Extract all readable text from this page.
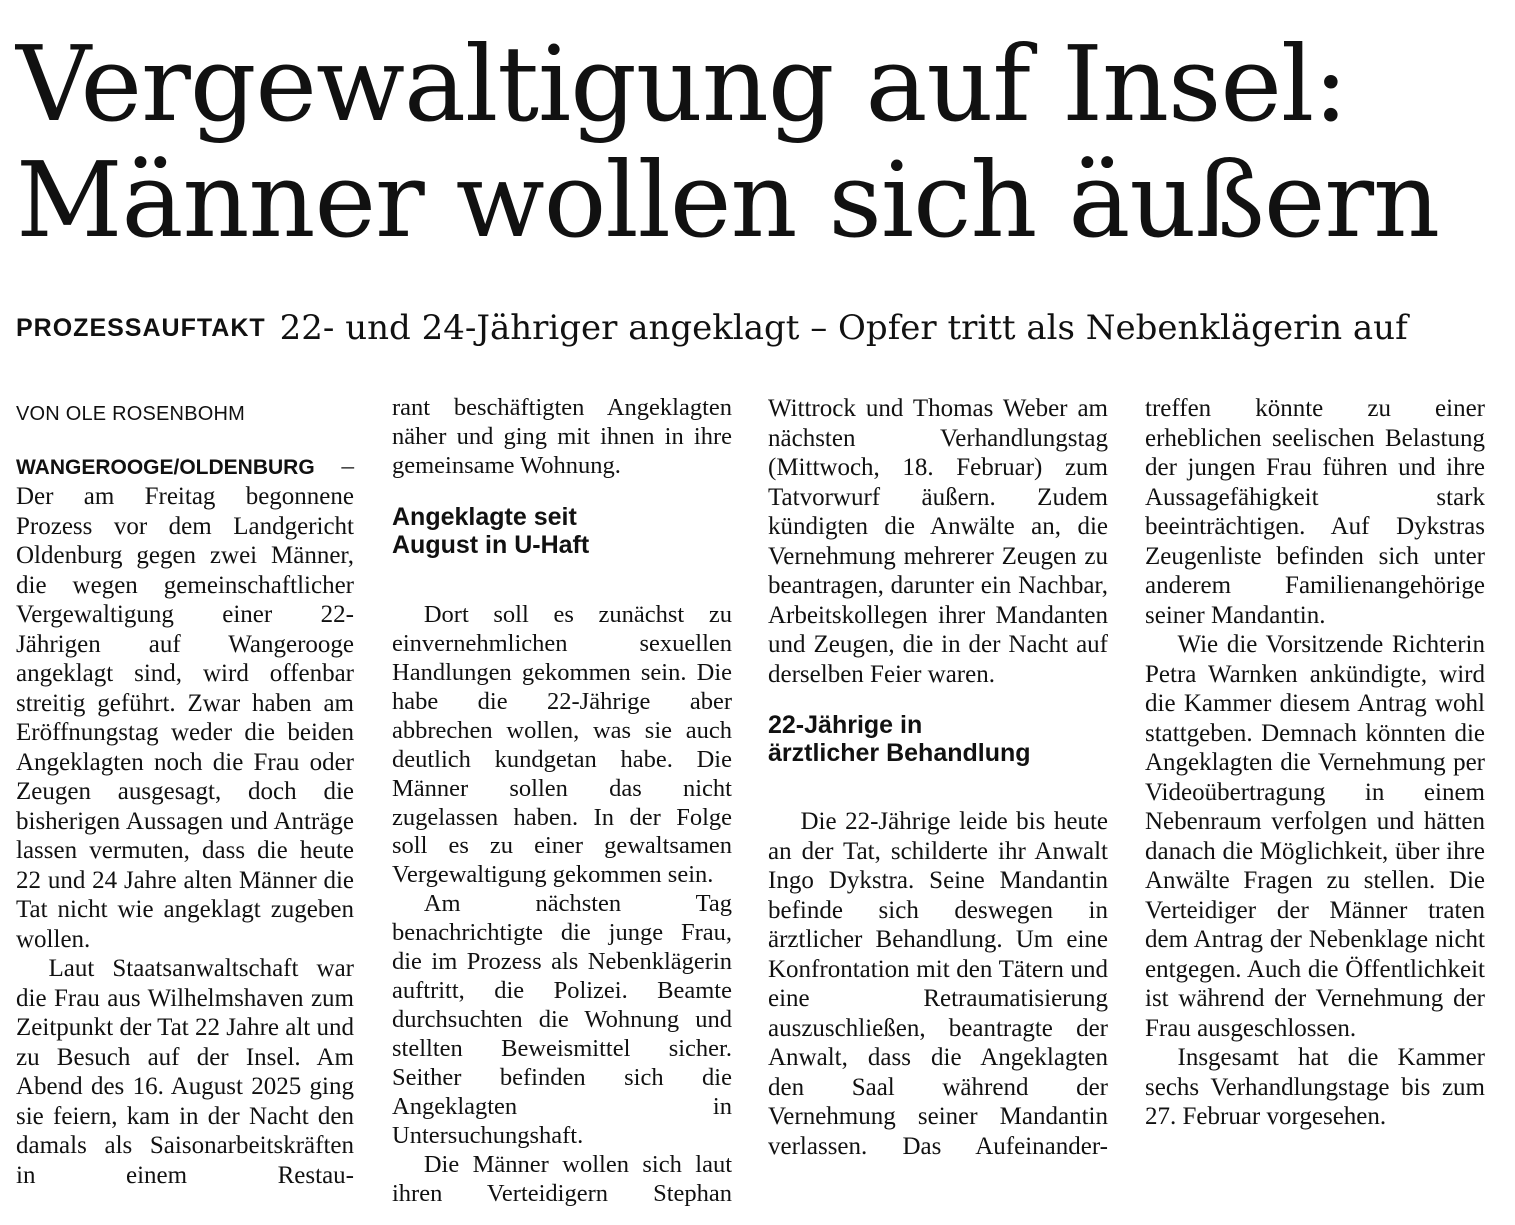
Vergewaltigung auf Insel:
Männer wollen sich äußern
PROZESSAUFTAKT 22- und 24-Jähriger angeklagt – Opfer tritt als Nebenklägerin auf
VON OLE ROSENBOHM

WANGEROOGE/OLDENBURG – Der am Freitag begonnene Prozess vor dem Landgericht Oldenburg gegen zwei Männer, die wegen gemeinschaftlicher Vergewaltigung einer 22-Jährigen auf Wangerooge angeklagt sind, wird offenbar streitig geführt. Zwar haben am Eröffnungstag weder die beiden Angeklagten noch die Frau oder Zeugen ausgesagt, doch die bisherigen Aussagen und Anträge lassen vermuten, dass die heute 22 und 24 Jahre alten Männer die Tat nicht wie angeklagt zugeben wollen.

Laut Staatsanwaltschaft war die Frau aus Wilhelmshaven zum Zeitpunkt der Tat 22 Jahre alt und zu Besuch auf der Insel. Am Abend des 16. August 2025 ging sie feiern, kam in der Nacht den damals als Saisonarbeitskräften in einem Restau-

rant beschäftigten Angeklagten näher und ging mit ihnen in ihre gemeinsame Wohnung.

Angeklagte seit
August in U-Haft

Dort soll es zunächst zu einvernehmlichen sexuellen Handlungen gekommen sein. Die habe die 22-Jährige aber abbrechen wollen, was sie auch deutlich kundgetan habe. Die Männer sollen das nicht zugelassen haben. In der Folge soll es zu einer gewaltsamen Vergewaltigung gekommen sein.

Am nächsten Tag benachrichtigte die junge Frau, die im Prozess als Nebenklägerin auftritt, die Polizei. Beamte durchsuchten die Wohnung und stellten Beweismittel sicher. Seither befinden sich die Angeklagten in Untersuchungshaft.

Die Männer wollen sich laut ihren Verteidigern Stephan

Wittrock und Thomas Weber am nächsten Verhandlungstag (Mittwoch, 18. Februar) zum Tatvorwurf äußern. Zudem kündigten die Anwälte an, die Vernehmung mehrerer Zeugen zu beantragen, darunter ein Nachbar, Arbeitskollegen ihrer Mandanten und Zeugen, die in der Nacht auf derselben Feier waren.

22-Jährige in
ärztlicher Behandlung

Die 22-Jährige leide bis heute an der Tat, schilderte ihr Anwalt Ingo Dykstra. Seine Mandantin befinde sich deswegen in ärztlicher Behandlung. Um eine Konfrontation mit den Tätern und eine Retraumatisierung auszuschließen, beantragte der Anwalt, dass die Angeklagten den Saal während der Vernehmung seiner Mandantin verlassen. Das Aufeinander-

treffen könnte zu einer erheblichen seelischen Belastung der jungen Frau führen und ihre Aussagefähigkeit stark beeinträchtigen. Auf Dykstras Zeugenliste befinden sich unter anderem Familienangehörige seiner Mandantin.

Wie die Vorsitzende Richterin Petra Warnken ankündigte, wird die Kammer diesem Antrag wohl stattgeben. Demnach könnten die Angeklagten die Vernehmung per Videoübertragung in einem Nebenraum verfolgen und hätten danach die Möglichkeit, über ihre Anwälte Fragen zu stellen. Die Verteidiger der Männer traten dem Antrag der Nebenklage nicht entgegen. Auch die Öffentlichkeit ist während der Vernehmung der Frau ausgeschlossen.

Insgesamt hat die Kammer sechs Verhandlungstage bis zum 27. Februar vorgesehen.
